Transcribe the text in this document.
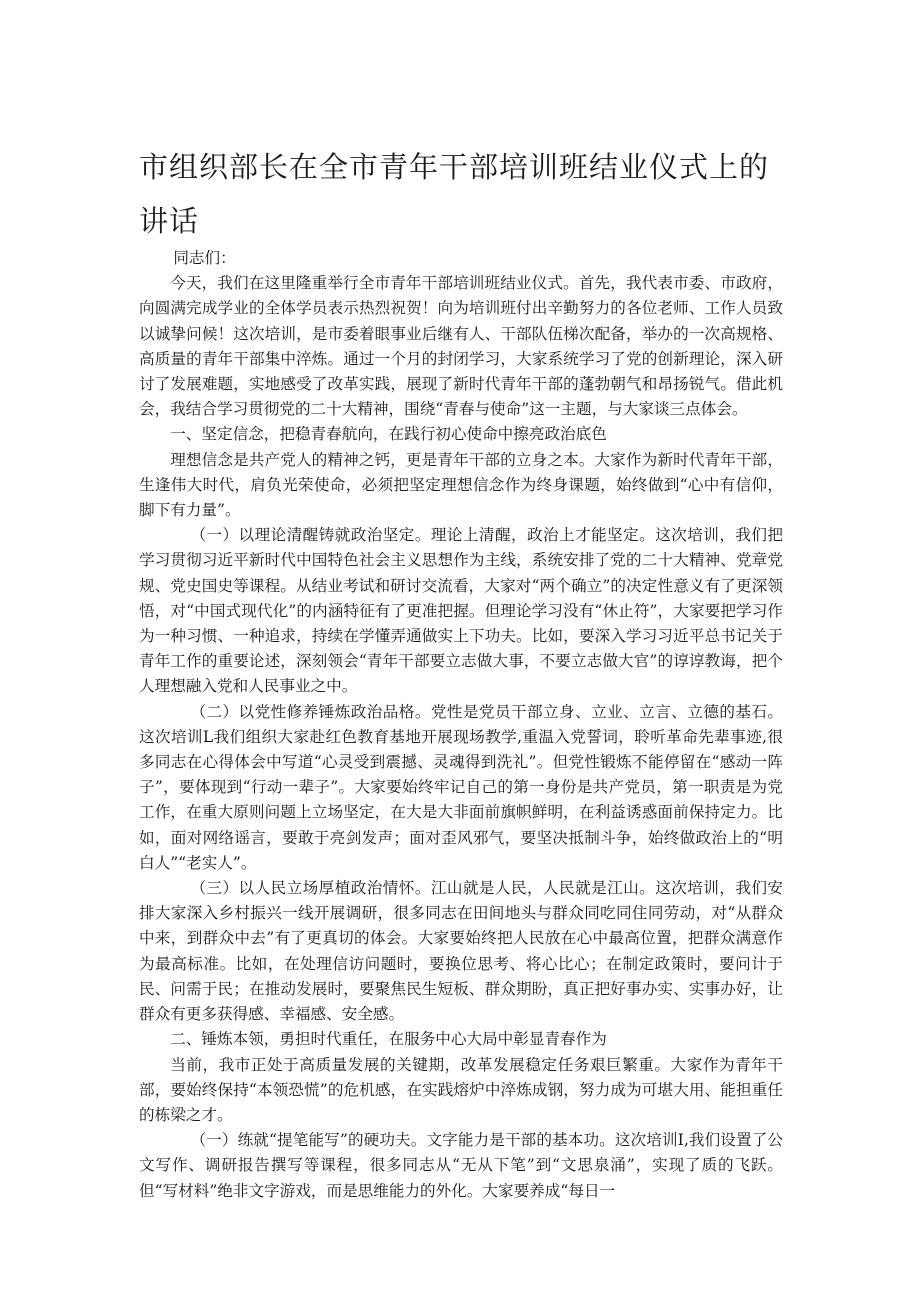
市组织部长在全市青年干部培训班结业仪式上的讲话

同志们：

今天，我们在这里隆重举行全市青年干部培训班结业仪式。首先，我代表市委、市政府，向圆满完成学业的全体学员表示热烈祝贺！向为培训班付出辛勤努力的各位老师、工作人员致以诚挚问候！这次培训，是市委着眼事业后继有人、干部队伍梯次配备，举办的一次高规格、高质量的青年干部集中淬炼。通过一个月的封闭学习，大家系统学习了党的创新理论，深入研讨了发展难题，实地感受了改革实践，展现了新时代青年干部的蓬勃朝气和昂扬锐气。借此机会，我结合学习贯彻党的二十大精神，围绕“青春与使命”这一主题，与大家谈三点体会。

一、坚定信念，把稳青春航向，在践行初心使命中擦亮政治底色

理想信念是共产党人的精神之钙，更是青年干部的立身之本。大家作为新时代青年干部，生逢伟大时代，肩负光荣使命，必须把坚定理想信念作为终身课题，始终做到“心中有信仰，脚下有力量”。

（一）以理论清醒铸就政治坚定。理论上清醒，政治上才能坚定。这次培训，我们把学习贯彻习近平新时代中国特色社会主义思想作为主线，系统安排了党的二十大精神、党章党规、党史国史等课程。从结业考试和研讨交流看，大家对“两个确立”的决定性意义有了更深领悟，对“中国式现代化”的内涵特征有了更准把握。但理论学习没有“休止符”，大家要把学习作为一种习惯、一种追求，持续在学懂弄通做实上下功夫。比如，要深入学习习近平总书记关于青年工作的重要论述，深刻领会“青年干部要立志做大事，不要立志做大官”的谆谆教诲，把个人理想融入党和人民事业之中。

（二）以党性修养锤炼政治品格。党性是党员干部立身、立业、立言、立德的基石。这次培训L我们组织大家赴红色教育基地开展现场教学,重温入党誓词，聆听革命先辈事迹,很多同志在心得体会中写道“心灵受到震撼、灵魂得到洗礼”。但党性锻炼不能停留在“感动一阵子”，要体现到“行动一辈子”。大家要始终牢记自己的第一身份是共产党员，第一职责是为党工作，在重大原则问题上立场坚定，在大是大非面前旗帜鲜明，在利益诱惑面前保持定力。比如，面对网络谣言，要敢于亮剑发声；面对歪风邪气，要坚决抵制斗争，始终做政治上的“明白人”“老实人”。

（三）以人民立场厚植政治情怀。江山就是人民，人民就是江山。这次培训，我们安排大家深入乡村振兴一线开展调研，很多同志在田间地头与群众同吃同住同劳动，对“从群众中来，到群众中去”有了更真切的体会。大家要始终把人民放在心中最高位置，把群众满意作为最高标准。比如，在处理信访问题时，要换位思考、将心比心；在制定政策时，要问计于民、问需于民；在推动发展时，要聚焦民生短板、群众期盼，真正把好事办实、实事办好，让群众有更多获得感、幸福感、安全感。

二、锤炼本领，勇担时代重任，在服务中心大局中彰显青春作为

当前，我市正处于高质量发展的关键期，改革发展稳定任务艰巨繁重。大家作为青年干部，要始终保持“本领恐慌”的危机感，在实践熔炉中淬炼成钢，努力成为可堪大用、能担重任的栋梁之才。

（一）练就“提笔能写”的硬功夫。文字能力是干部的基本功。这次培训I,我们设置了公文写作、调研报告撰写等课程，很多同志从“无从下笔”到“文思泉涌”，实现了质的飞跃。但“写材料”绝非文字游戏，而是思维能力的外化。大家要养成“每日一
